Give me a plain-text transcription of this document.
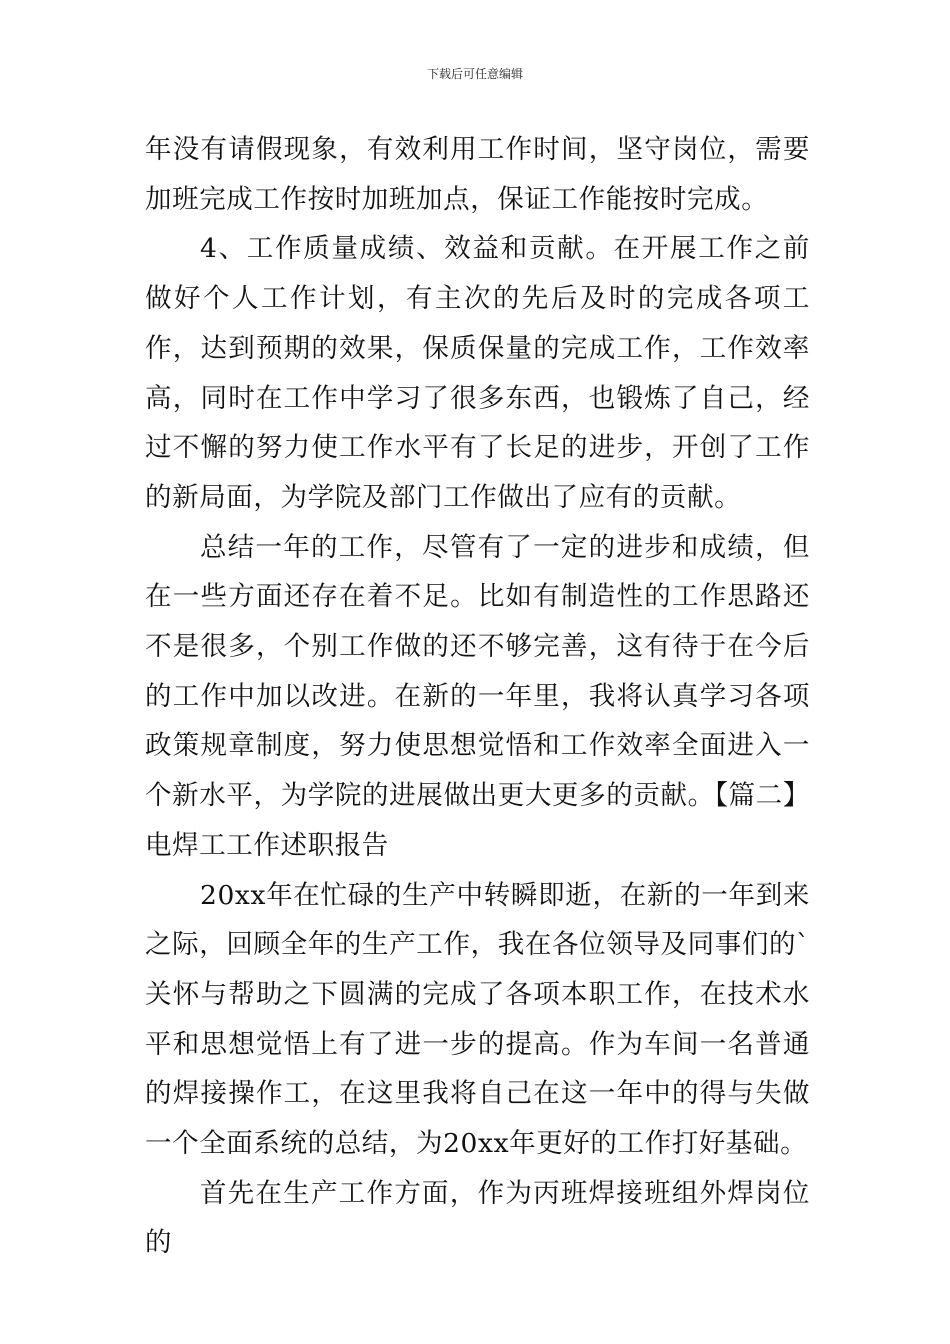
下载后可任意编辑

年没有请假现象，有效利用工作时间，坚守岗位，需要加班完成工作按时加班加点，保证工作能按时完成。

4、工作质量成绩、效益和贡献。在开展工作之前做好个人工作计划，有主次的先后及时的完成各项工作，达到预期的效果，保质保量的完成工作，工作效率高，同时在工作中学习了很多东西，也锻炼了自己，经过不懈的努力使工作水平有了长足的进步，开创了工作的新局面，为学院及部门工作做出了应有的贡献。

总结一年的工作，尽管有了一定的进步和成绩，但在一些方面还存在着不足。比如有制造性的工作思路还不是很多，个别工作做的还不够完善，这有待于在今后的工作中加以改进。在新的一年里，我将认真学习各项政策规章制度，努力使思想觉悟和工作效率全面进入一个新水平，为学院的进展做出更大更多的贡献。【篇二】电焊工工作述职报告

20xx年在忙碌的生产中转瞬即逝，在新的一年到来之际，回顾全年的生产工作，我在各位领导及同事们的`关怀与帮助之下圆满的完成了各项本职工作，在技术水平和思想觉悟上有了进一步的提高。作为车间一名普通的焊接操作工，在这里我将自己在这一年中的得与失做一个全面系统的总结，为20xx年更好的工作打好基础。

首先在生产工作方面，作为丙班焊接班组外焊岗位的
